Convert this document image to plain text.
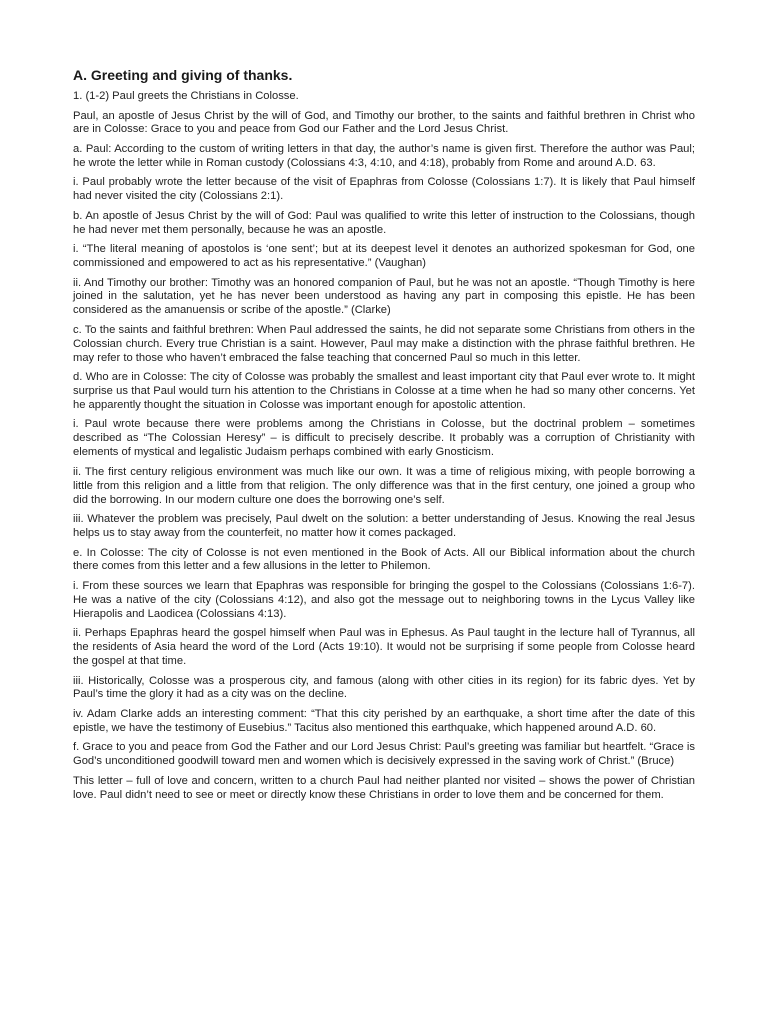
A. Greeting and giving of thanks.

1. (1-2) Paul greets the Christians in Colosse.

Paul, an apostle of Jesus Christ by the will of God, and Timothy our brother, to the saints and faithful brethren in Christ who are in Colosse: Grace to you and peace from God our Father and the Lord Jesus Christ.

a. Paul: According to the custom of writing letters in that day, the author’s name is given first. Therefore the author was Paul; he wrote the letter while in Roman custody (Colossians 4:3, 4:10, and 4:18), probably from Rome and around A.D. 63.

i. Paul probably wrote the letter because of the visit of Epaphras from Colosse (Colossians 1:7). It is likely that Paul himself had never visited the city (Colossians 2:1).

b. An apostle of Jesus Christ by the will of God: Paul was qualified to write this letter of instruction to the Colossians, though he had never met them personally, because he was an apostle.

i. “The literal meaning of apostolos is ‘one sent’; but at its deepest level it denotes an authorized spokesman for God, one commissioned and empowered to act as his representative.” (Vaughan)

ii. And Timothy our brother: Timothy was an honored companion of Paul, but he was not an apostle. “Though Timothy is here joined in the salutation, yet he has never been understood as having any part in composing this epistle. He has been considered as the amanuensis or scribe of the apostle.” (Clarke)

c. To the saints and faithful brethren: When Paul addressed the saints, he did not separate some Christians from others in the Colossian church. Every true Christian is a saint. However, Paul may make a distinction with the phrase faithful brethren. He may refer to those who haven’t embraced the false teaching that concerned Paul so much in this letter.

d. Who are in Colosse: The city of Colosse was probably the smallest and least important city that Paul ever wrote to. It might surprise us that Paul would turn his attention to the Christians in Colosse at a time when he had so many other concerns. Yet he apparently thought the situation in Colosse was important enough for apostolic attention.

i. Paul wrote because there were problems among the Christians in Colosse, but the doctrinal problem – sometimes described as “The Colossian Heresy” – is difficult to precisely describe. It probably was a corruption of Christianity with elements of mystical and legalistic Judaism perhaps combined with early Gnosticism.

ii. The first century religious environment was much like our own. It was a time of religious mixing, with people borrowing a little from this religion and a little from that religion. The only difference was that in the first century, one joined a group who did the borrowing. In our modern culture one does the borrowing one’s self.

iii. Whatever the problem was precisely, Paul dwelt on the solution: a better understanding of Jesus. Knowing the real Jesus helps us to stay away from the counterfeit, no matter how it comes packaged.

e. In Colosse: The city of Colosse is not even mentioned in the Book of Acts. All our Biblical information about the church there comes from this letter and a few allusions in the letter to Philemon.

i. From these sources we learn that Epaphras was responsible for bringing the gospel to the Colossians (Colossians 1:6-7). He was a native of the city (Colossians 4:12), and also got the message out to neighboring towns in the Lycus Valley like Hierapolis and Laodicea (Colossians 4:13).

ii. Perhaps Epaphras heard the gospel himself when Paul was in Ephesus. As Paul taught in the lecture hall of Tyrannus, all the residents of Asia heard the word of the Lord (Acts 19:10). It would not be surprising if some people from Colosse heard the gospel at that time.

iii. Historically, Colosse was a prosperous city, and famous (along with other cities in its region) for its fabric dyes. Yet by Paul’s time the glory it had as a city was on the decline.

iv. Adam Clarke adds an interesting comment: “That this city perished by an earthquake, a short time after the date of this epistle, we have the testimony of Eusebius.” Tacitus also mentioned this earthquake, which happened around A.D. 60.

f. Grace to you and peace from God the Father and our Lord Jesus Christ: Paul’s greeting was familiar but heartfelt. “Grace is God’s unconditioned goodwill toward men and women which is decisively expressed in the saving work of Christ.” (Bruce)

This letter – full of love and concern, written to a church Paul had neither planted nor visited – shows the power of Christian love. Paul didn’t need to see or meet or directly know these Christians in order to love them and be concerned for them.
